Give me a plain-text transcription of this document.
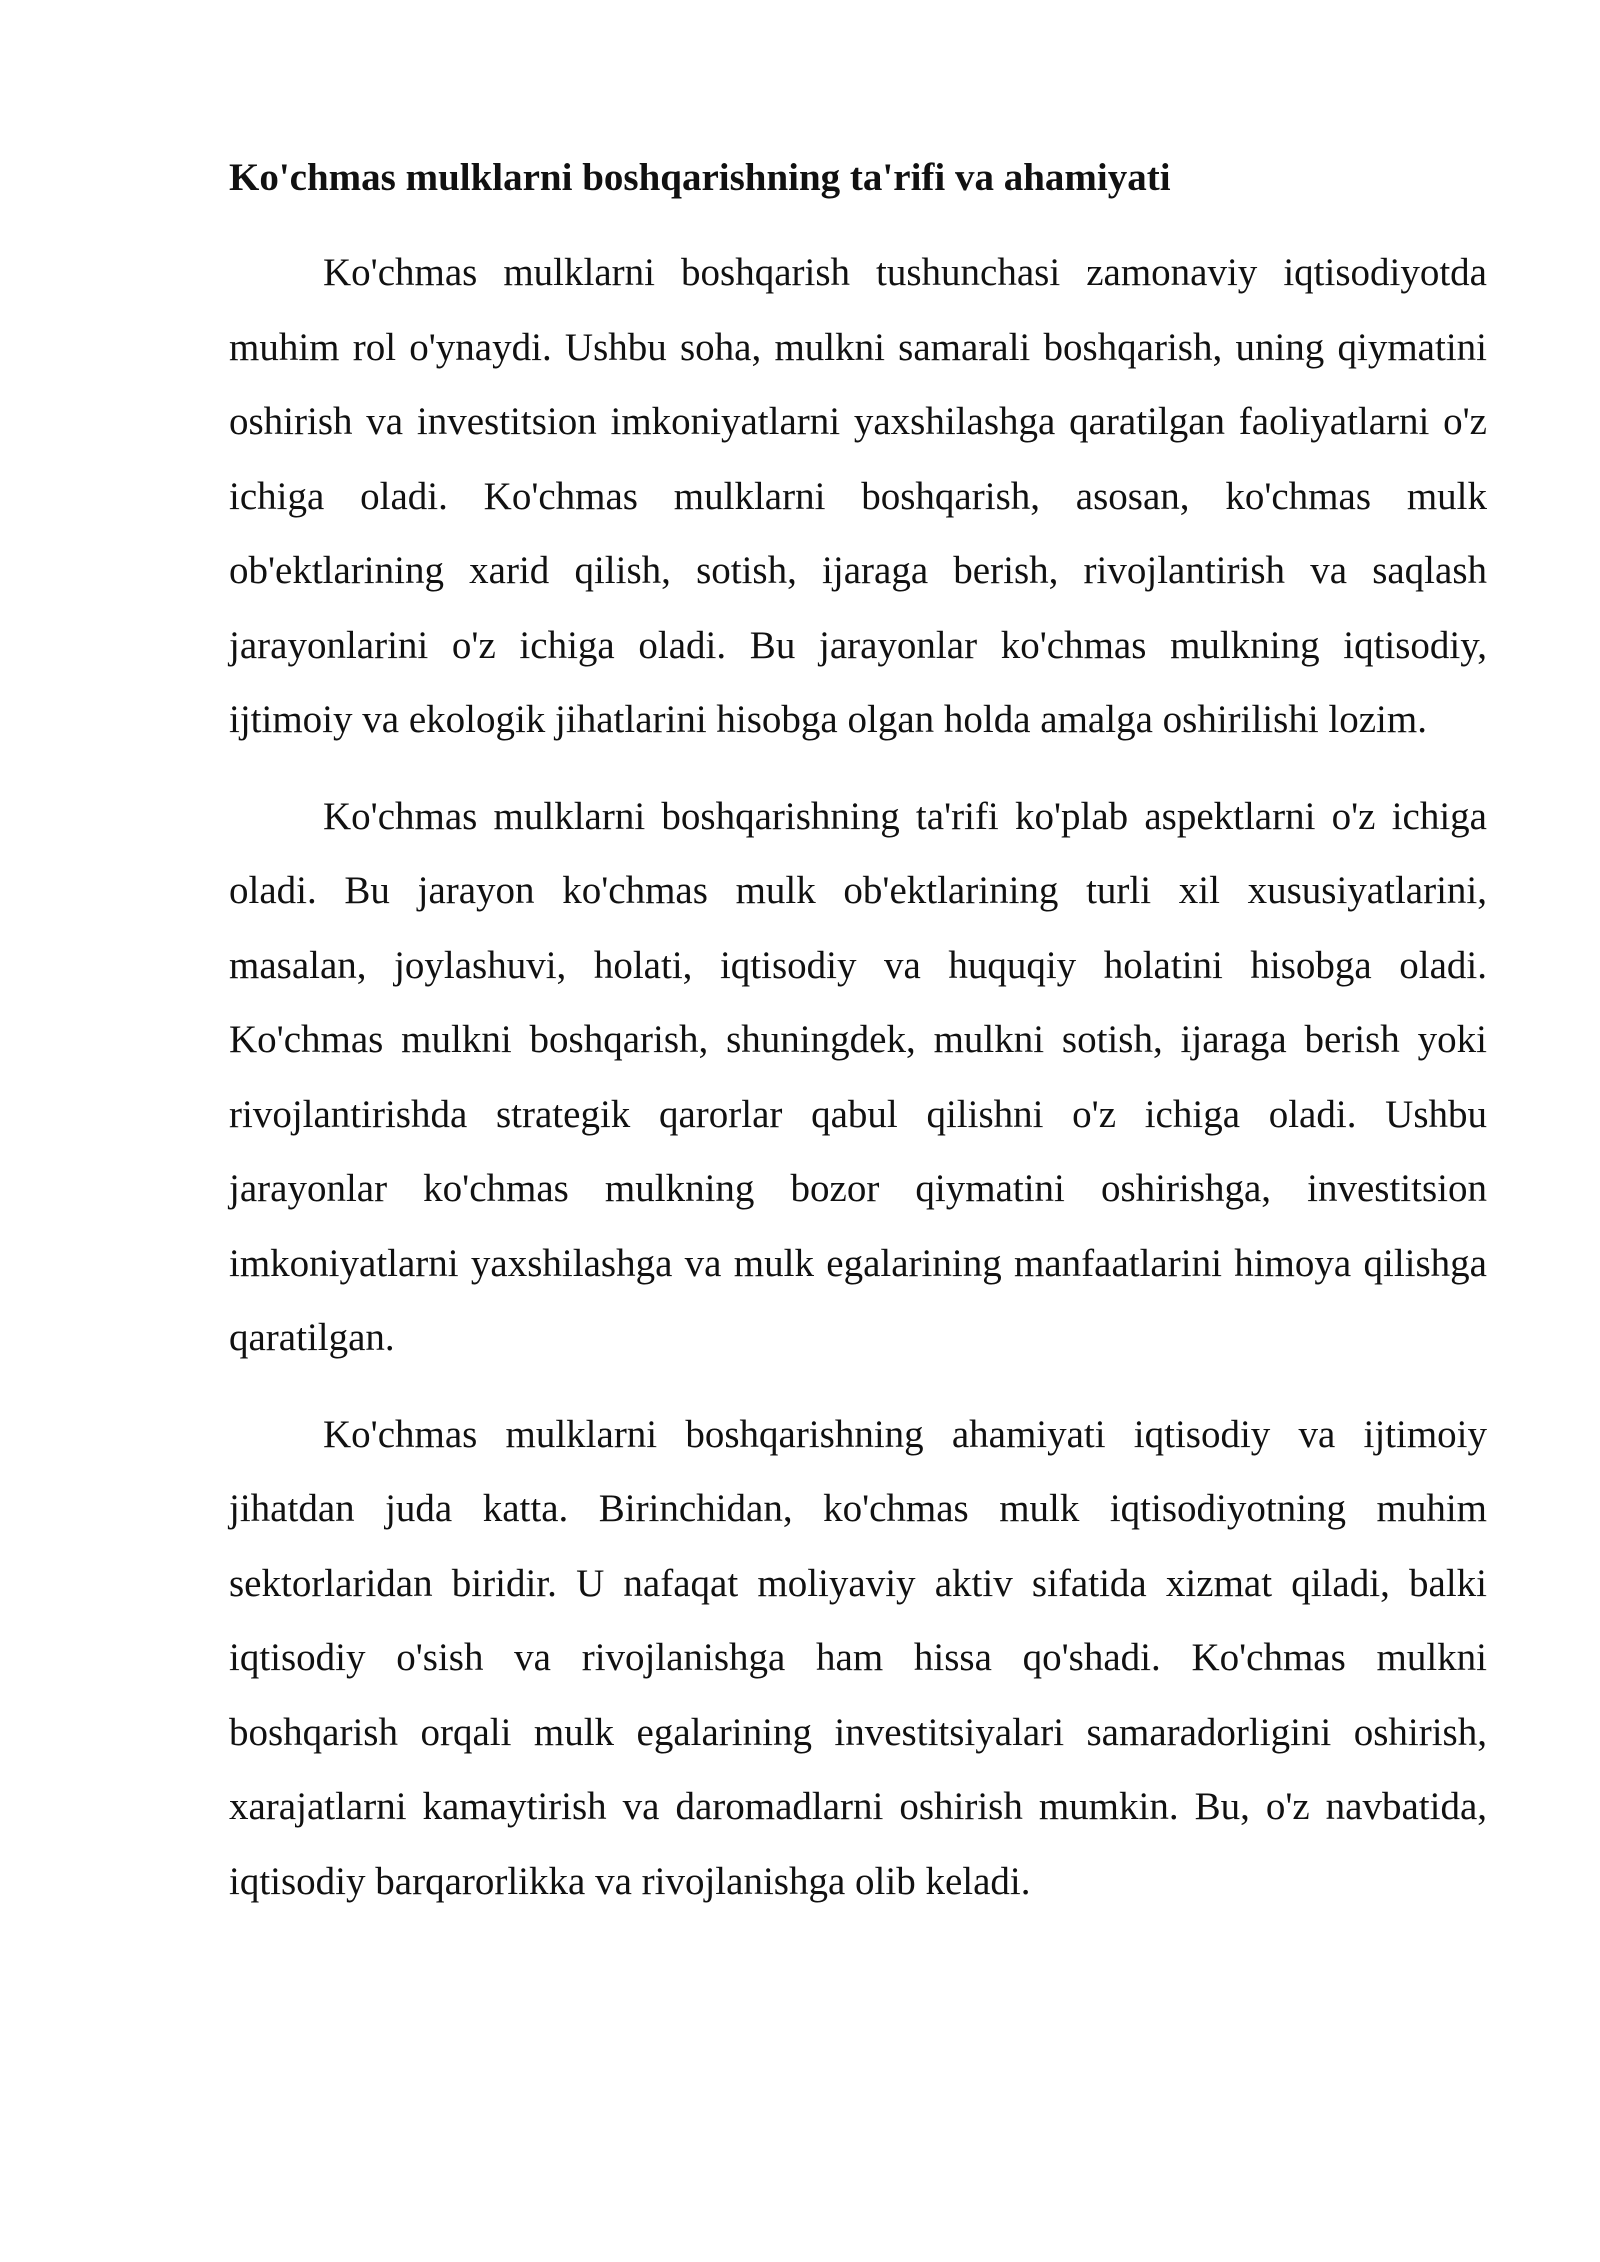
Ko'chmas mulklarni boshqarishning ta'rifi va ahamiyati

Ko'chmas mulklarni boshqarish tushunchasi zamonaviy iqtisodiyotda muhim rol o'ynaydi. Ushbu soha, mulkni samarali boshqarish, uning qiymatini oshirish va investitsion imkoniyatlarni yaxshilashga qaratilgan faoliyatlarni o'z ichiga oladi. Ko'chmas mulklarni boshqarish, asosan, ko'chmas mulk ob'ektlarining xarid qilish, sotish, ijaraga berish, rivojlantirish va saqlash jarayonlarini o'z ichiga oladi. Bu jarayonlar ko'chmas mulkning iqtisodiy, ijtimoiy va ekologik jihatlarini hisobga olgan holda amalga oshirilishi lozim.

Ko'chmas mulklarni boshqarishning ta'rifi ko'plab aspektlarni o'z ichiga oladi. Bu jarayon ko'chmas mulk ob'ektlarining turli xil xususiyatlarini, masalan, joylashuvi, holati, iqtisodiy va huquqiy holatini hisobga oladi. Ko'chmas mulkni boshqarish, shuningdek, mulkni sotish, ijaraga berish yoki rivojlantirishda strategik qarorlar qabul qilishni o'z ichiga oladi. Ushbu jarayonlar ko'chmas mulkning bozor qiymatini oshirishga, investitsion imkoniyatlarni yaxshilashga va mulk egalarining manfaatlarini himoya qilishga qaratilgan.

Ko'chmas mulklarni boshqarishning ahamiyati iqtisodiy va ijtimoiy jihatdan juda katta. Birinchidan, ko'chmas mulk iqtisodiyotning muhim sektorlaridan biridir. U nafaqat moliyaviy aktiv sifatida xizmat qiladi, balki iqtisodiy o'sish va rivojlanishga ham hissa qo'shadi. Ko'chmas mulkni boshqarish orqali mulk egalarining investitsiyalari samaradorligini oshirish, xarajatlarni kamaytirish va daromadlarni oshirish mumkin. Bu, o'z navbatida, iqtisodiy barqarorlikka va rivojlanishga olib keladi.
